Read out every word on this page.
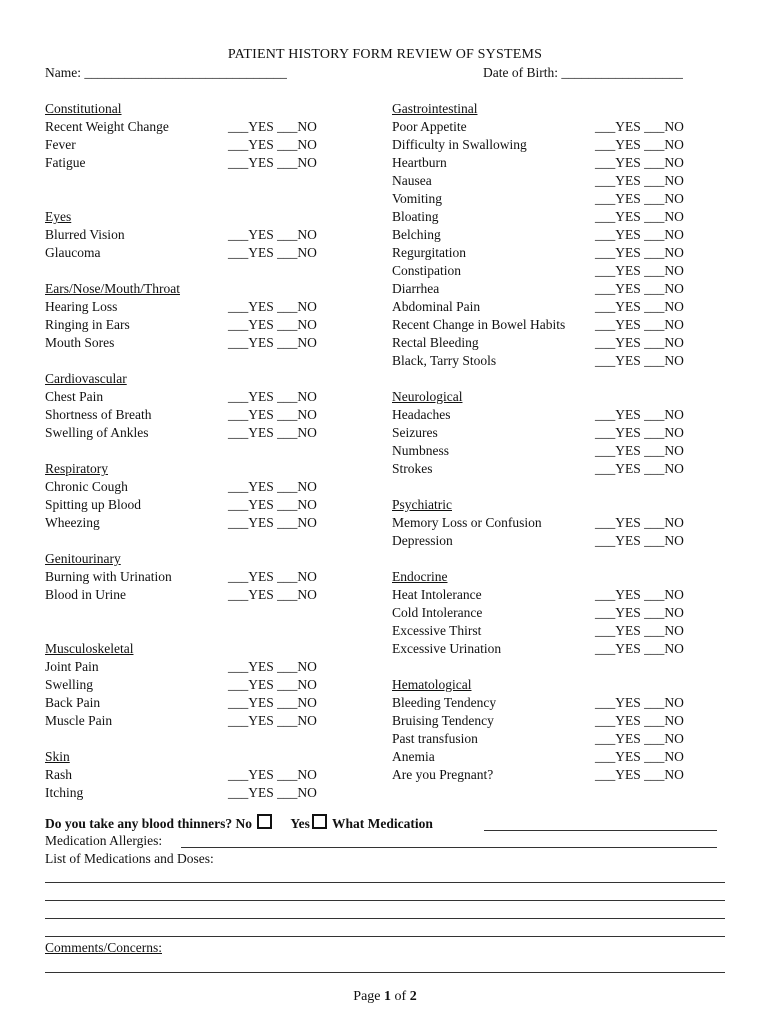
PATIENT HISTORY FORM REVIEW OF SYSTEMS
Name: ______________________________	Date of Birth: __________________
Constitutional
Recent Weight Change	___YES ___NO
Fever	___YES ___NO
Fatigue	___YES ___NO
Eyes
Blurred Vision	___YES ___NO
Glaucoma	___YES ___NO
Ears/Nose/Mouth/Throat
Hearing Loss	___YES ___NO
Ringing in Ears	___YES ___NO
Mouth Sores	___YES ___NO
Cardiovascular
Chest Pain	___YES ___NO
Shortness of Breath	___YES ___NO
Swelling of Ankles	___YES ___NO
Respiratory
Chronic Cough	___YES ___NO
Spitting up Blood	___YES ___NO
Wheezing	___YES ___NO
Genitourinary
Burning with Urination	___YES ___NO
Blood in Urine	___YES ___NO
Musculoskeletal
Joint Pain	___YES ___NO
Swelling	___YES ___NO
Back Pain	___YES ___NO
Muscle Pain	___YES ___NO
Skin
Rash	___YES ___NO
Itching	___YES ___NO
Gastrointestinal
Poor Appetite	___YES ___NO
Difficulty in Swallowing	___YES ___NO
Heartburn	___YES ___NO
Nausea	___YES ___NO
Vomiting	___YES ___NO
Bloating	___YES ___NO
Belching	___YES ___NO
Regurgitation	___YES ___NO
Constipation	___YES ___NO
Diarrhea	___YES ___NO
Abdominal Pain	___YES ___NO
Recent Change in Bowel Habits ___YES ___NO
Rectal Bleeding	___YES ___NO
Black, Tarry Stools	___YES ___NO
Neurological
Headaches	___YES ___NO
Seizures	___YES ___NO
Numbness	___YES ___NO
Strokes	___YES ___NO
Psychiatric
Memory Loss or Confusion	___YES ___NO
Depression	___YES ___NO
Endocrine
Heat Intolerance	___YES ___NO
Cold Intolerance	___YES ___NO
Excessive Thirst	___YES ___NO
Excessive Urination	___YES ___NO
Hematological
Bleeding Tendency	___YES ___NO
Bruising Tendency	___YES ___NO
Past transfusion	___YES ___NO
Anemia	___YES ___NO
Are you Pregnant?	___YES ___NO
Do you take any blood thinners? No	Yes What Medication
Medication Allergies:
List of Medications and Doses:
Comments/Concerns:
Page 1 of 2
